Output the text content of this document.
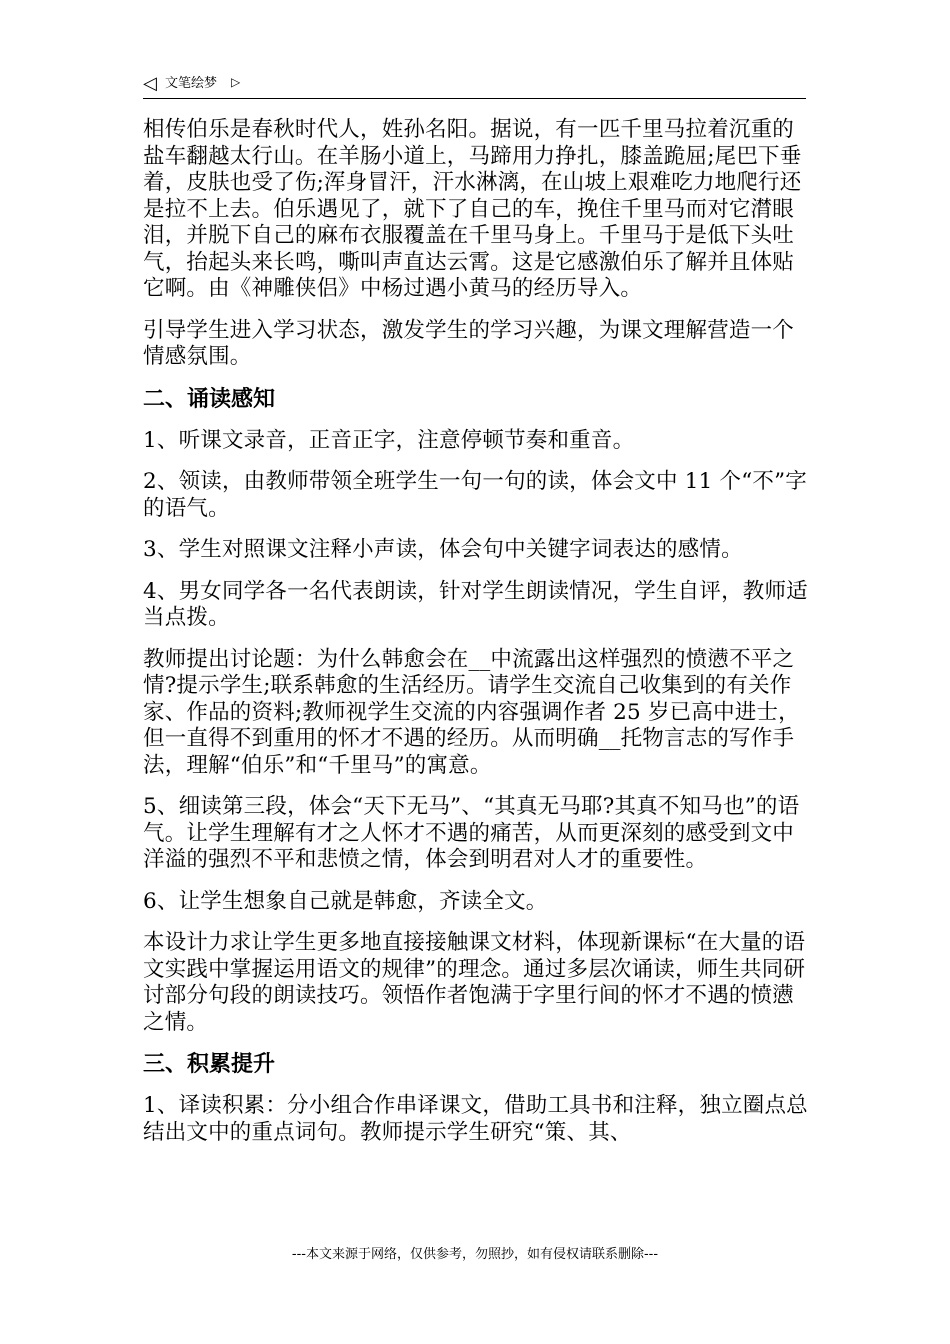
◁ 文笔绘梦 ▷

相传伯乐是春秋时代人，姓孙名阳。据说，有一匹千里马拉着沉重的盐车翻越太行山。在羊肠小道上，马蹄用力挣扎，膝盖跪屈;尾巴下垂着，皮肤也受了伤;浑身冒汗，汗水淋漓，在山坡上艰难吃力地爬行还是拉不上去。伯乐遇见了，就下了自己的车，挽住千里马而对它潸眼泪，并脱下自己的麻布衣服覆盖在千里马身上。千里马于是低下头吐气，抬起头来长鸣，嘶叫声直达云霄。这是它感激伯乐了解并且体贴它啊。由《神雕侠侣》中杨过遇小黄马的经历导入。

引导学生进入学习状态，激发学生的学习兴趣，为课文理解营造一个情感氛围。

二、诵读感知

1、听课文录音，正音正字，注意停顿节奏和重音。

2、领读，由教师带领全班学生一句一句的读，体会文中 11 个“不”字的语气。

3、学生对照课文注释小声读，体会句中关键字词表达的感情。

4、男女同学各一名代表朗读，针对学生朗读情况，学生自评，教师适当点拨。

教师提出讨论题：为什么韩愈会在__中流露出这样强烈的愤懑不平之情?提示学生;联系韩愈的生活经历。请学生交流自己收集到的有关作家、作品的资料;教师视学生交流的内容强调作者 25 岁已高中进士，但一直得不到重用的怀才不遇的经历。从而明确__托物言志的写作手法，理解“伯乐”和“千里马”的寓意。

5、细读第三段，体会“天下无马”、“其真无马耶?其真不知马也”的语气。让学生理解有才之人怀才不遇的痛苦，从而更深刻的感受到文中洋溢的强烈不平和悲愤之情，体会到明君对人才的重要性。

6、让学生想象自己就是韩愈，齐读全文。

本设计力求让学生更多地直接接触课文材料，体现新课标“在大量的语文实践中掌握运用语文的规律”的理念。通过多层次诵读，师生共同研讨部分句段的朗读技巧。领悟作者饱满于字里行间的怀才不遇的愤懑之情。

三、积累提升

1、译读积累：分小组合作串译课文，借助工具书和注释，独立圈点总结出文中的重点词句。教师提示学生研究“策、其、

---本文来源于网络，仅供参考，勿照抄，如有侵权请联系删除---
